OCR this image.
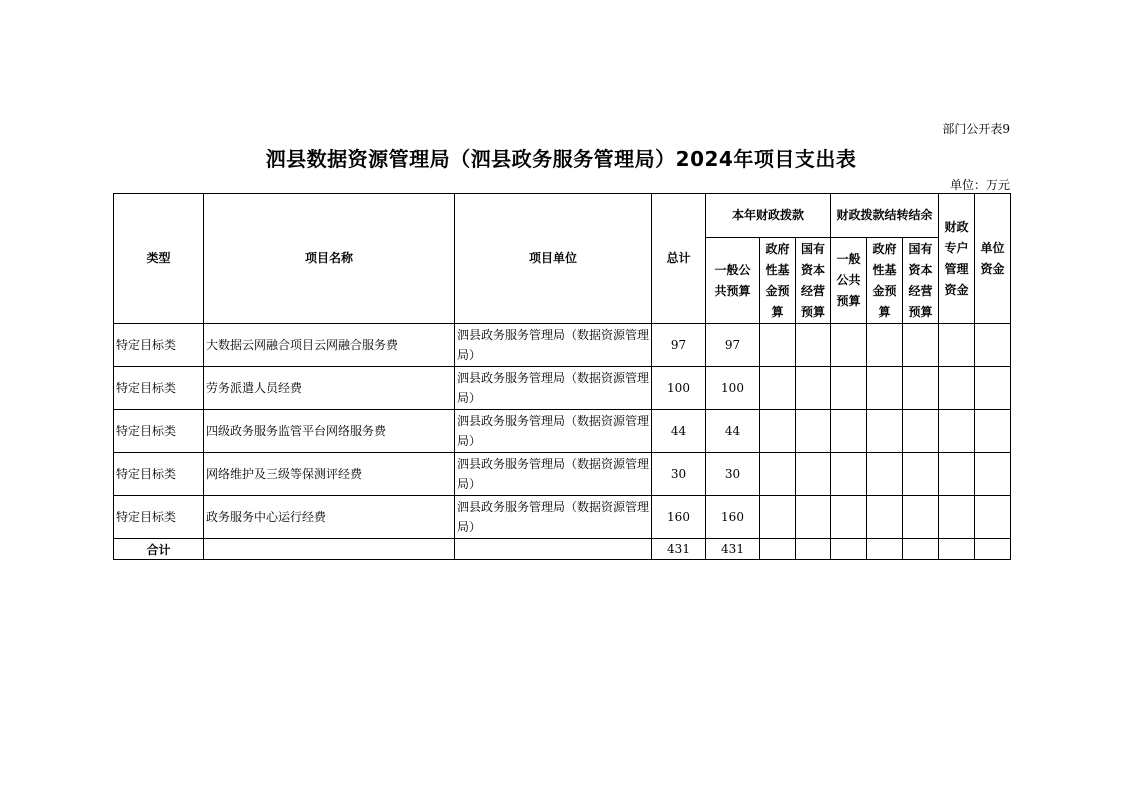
部门公开表9
泗县数据资源管理局（泗县政务服务管理局）2024年项目支出表
单位：万元
类型	项目名称	项目单位	总计	本年财政拨款			财政拨款结转结余			财政专户管理资金	单位资金	
				一般公共预算	政府性基金预算	国有资本经营预算	一般公共预算	政府性基金预算	国有资本经营预算			
特定目标类	大数据云网融合项目云网融合服务费	泗县政务服务管理局（数据资源管理局）	97	97								
特定目标类	劳务派遣人员经费	泗县政务服务管理局（数据资源管理局）	100	100								
特定目标类	四级政务服务监管平台网络服务费	泗县政务服务管理局（数据资源管理局）	44	44								
特定目标类	网络维护及三级等保测评经费	泗县政务服务管理局（数据资源管理局）	30	30								
特定目标类	政务服务中心运行经费	泗县政务服务管理局（数据资源管理局）	160	160								
合计			431	431								
